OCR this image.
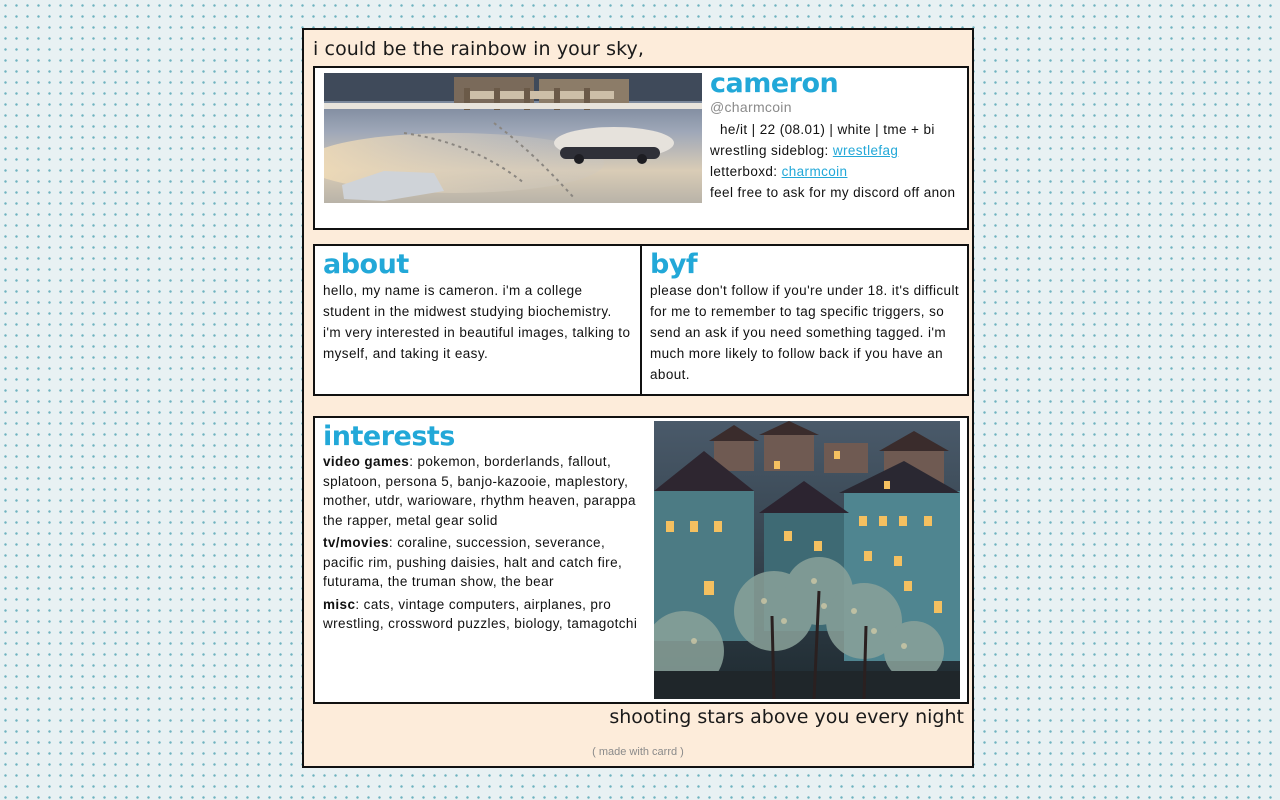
i could be the rainbow in your sky,
cameron
@charmcoin
he/it | 22 (08.01) | white | tme + bi
wrestling sideblog: wrestlefag
letterboxd: charmcoin
feel free to ask for my discord off anon
about
hello, my name is cameron. i'm a college student in the midwest studying biochemistry. i'm very interested in beautiful images, talking to myself, and taking it easy.
byf
please don't follow if you're under 18. it's difficult for me to remember to tag specific triggers, so send an ask if you need something tagged. i'm much more likely to follow back if you have an about.
interests
video games: pokemon, borderlands, fallout, splatoon, persona 5, banjo-kazooie, maplestory, mother, utdr, warioware, rhythm heaven, parappa the rapper, metal gear solid
tv/movies: coraline, succession, severance, pacific rim, pushing daisies, halt and catch fire, futurama, the truman show, the bear
misc: cats, vintage computers, airplanes, pro wrestling, crossword puzzles, biology, tamagotchi
shooting stars above you every night
( made with carrd )
